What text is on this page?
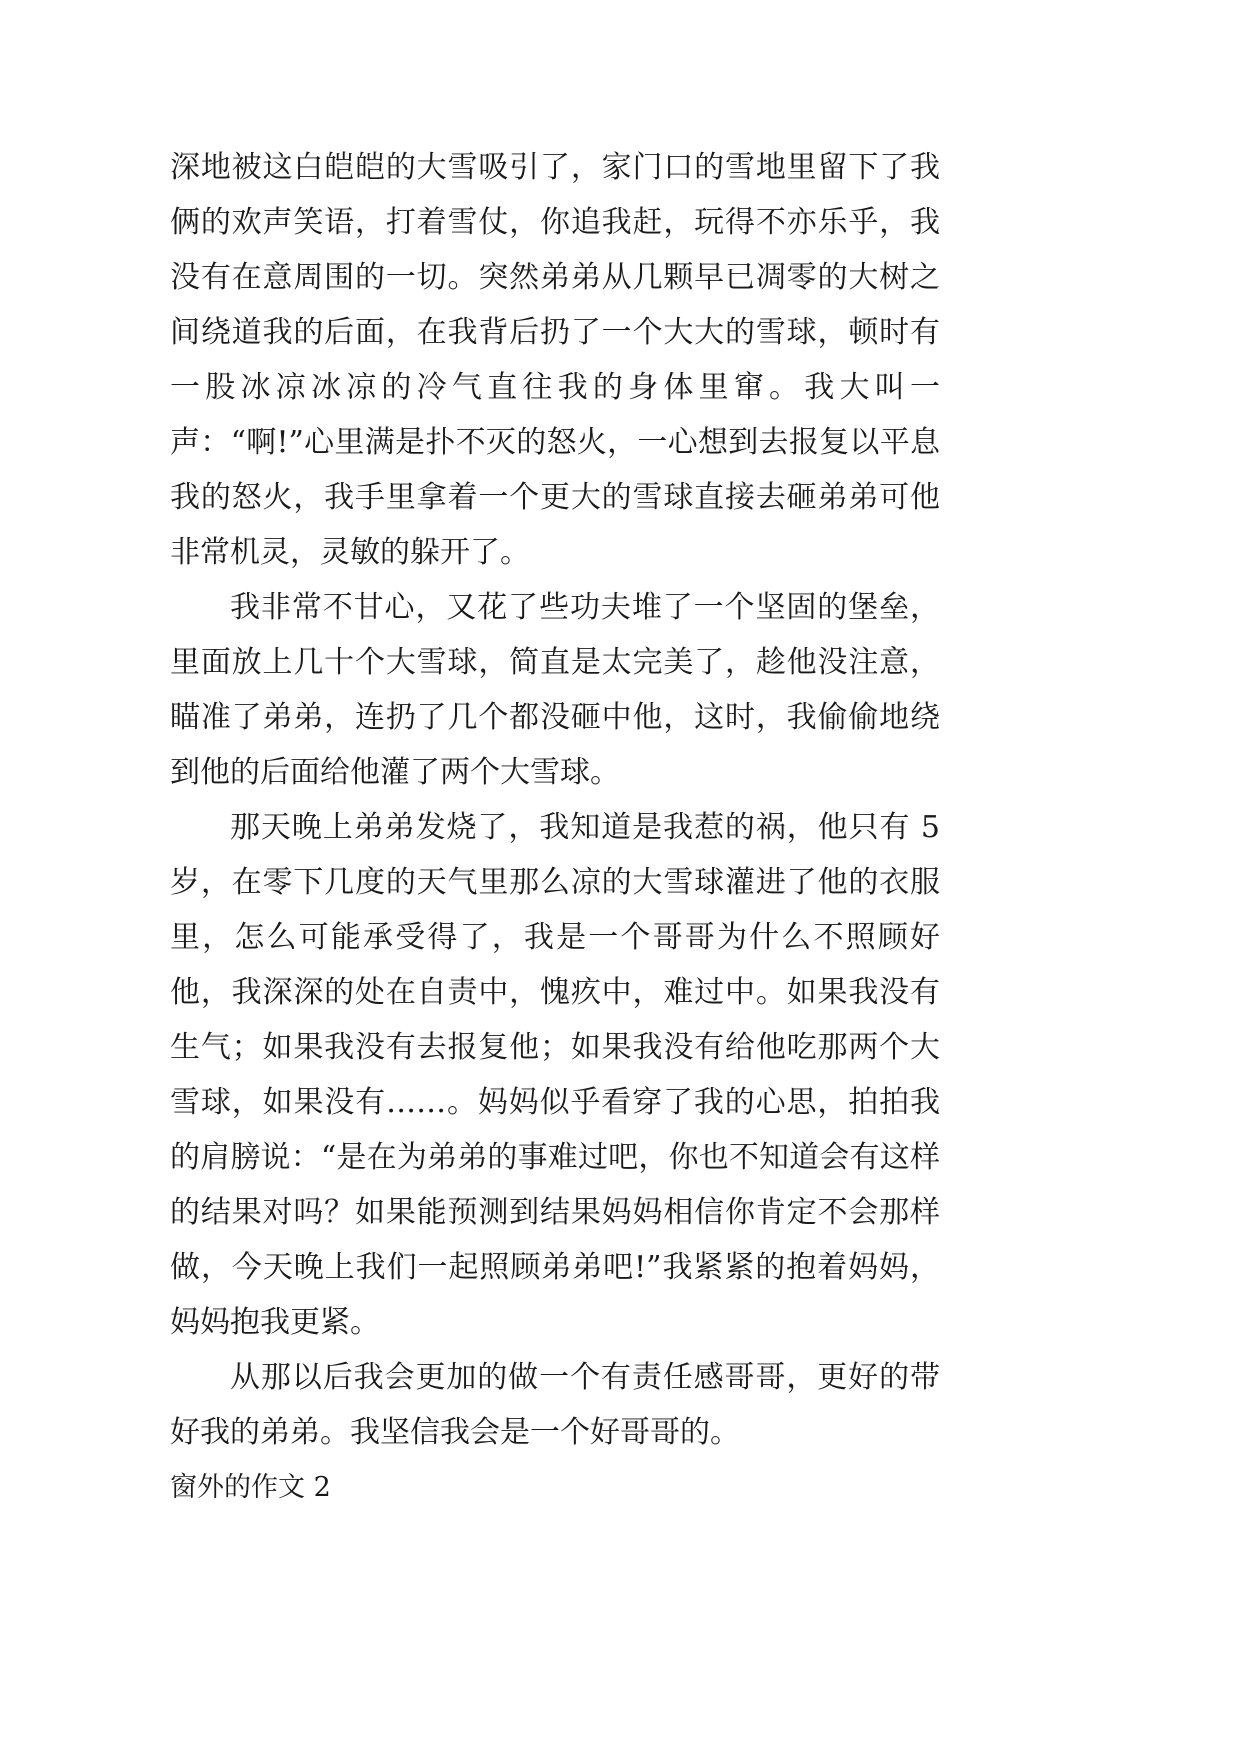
深地被这白皑皑的大雪吸引了，家门口的雪地里留下了我俩的欢声笑语，打着雪仗，你追我赶，玩得不亦乐乎，我没有在意周围的一切。突然弟弟从几颗早已凋零的大树之间绕道我的后面，在我背后扔了一个大大的雪球，顿时有一股冰凉冰凉的冷气直往我的身体里窜。我大叫一声：“啊!”心里满是扑不灭的怒火，一心想到去报复以平息我的怒火，我手里拿着一个更大的雪球直接去砸弟弟可他非常机灵，灵敏的躲开了。

我非常不甘心，又花了些功夫堆了一个坚固的堡垒，里面放上几十个大雪球，简直是太完美了，趁他没注意，瞄准了弟弟，连扔了几个都没砸中他，这时，我偷偷地绕到他的后面给他灌了两个大雪球。

那天晚上弟弟发烧了，我知道是我惹的祸，他只有 5 岁，在零下几度的天气里那么凉的大雪球灌进了他的衣服里，怎么可能承受得了，我是一个哥哥为什么不照顾好他，我深深的处在自责中，愧疚中，难过中。如果我没有生气；如果我没有去报复他；如果我没有给他吃那两个大雪球，如果没有……。妈妈似乎看穿了我的心思，拍拍我的肩膀说：“是在为弟弟的事难过吧，你也不知道会有这样的结果对吗？如果能预测到结果妈妈相信你肯定不会那样做，今天晚上我们一起照顾弟弟吧!”我紧紧的抱着妈妈，妈妈抱我更紧。

从那以后我会更加的做一个有责任感哥哥，更好的带好我的弟弟。我坚信我会是一个好哥哥的。

窗外的作文 2
